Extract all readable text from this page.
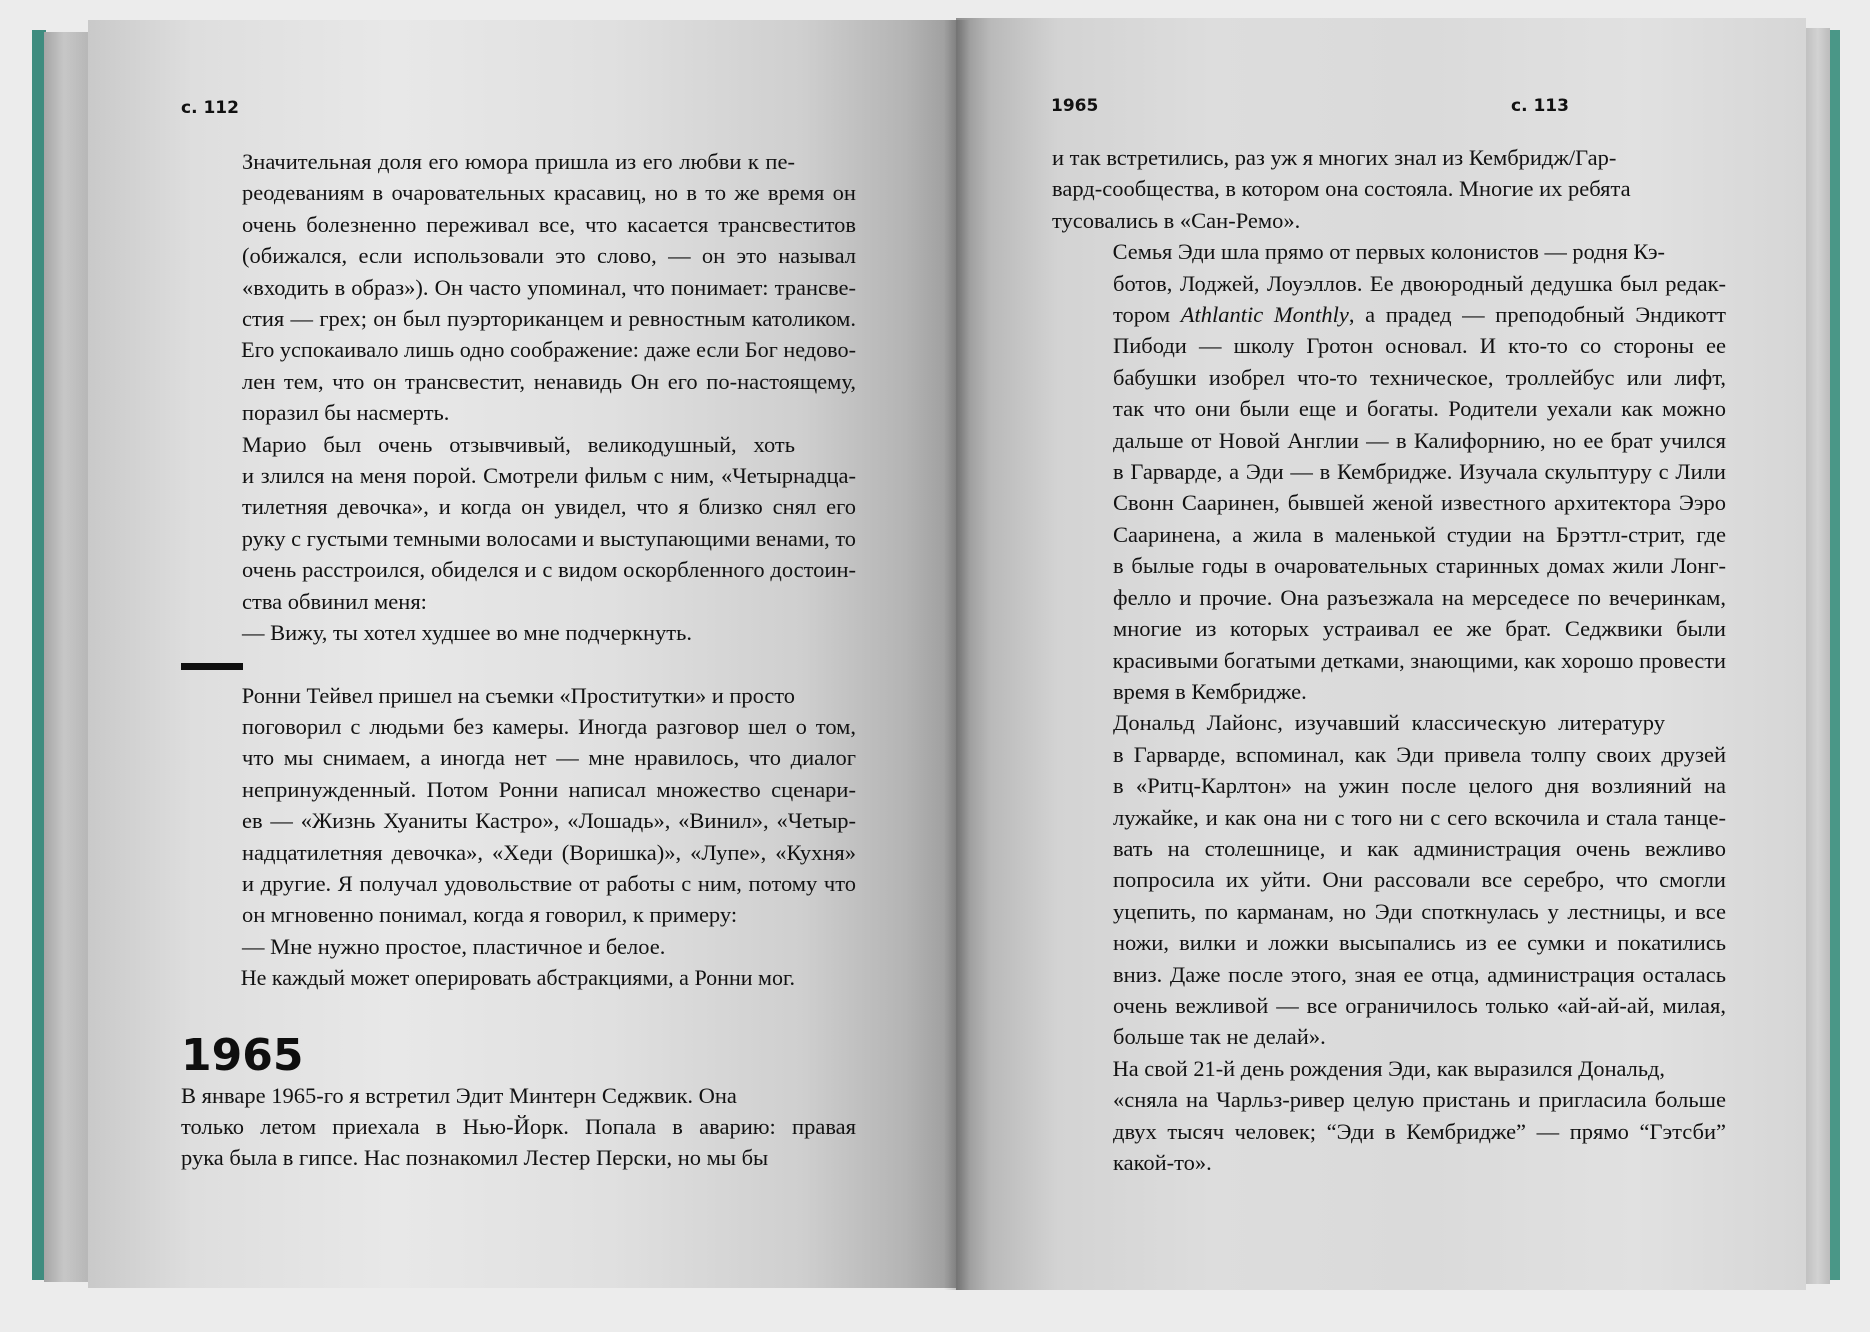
с. 112

Значительная доля его юмора пришла из его любви к пе-
реодеваниям в очаровательных красавиц, но в то же время он
очень болезненно переживал все, что касается трансвеститов
(обижался, если использовали это слово, — он это называл
«входить в образ»). Он часто упоминал, что понимает: трансве-
стия — грех; он был пуэрториканцем и ревностным католиком.
Его успокаивало лишь одно соображение: даже если Бог недово-
лен тем, что он трансвестит, ненавидь Он его по-настоящему,
поразил бы насмерть.

Марио был очень отзывчивый, великодушный, хоть
и злился на меня порой. Смотрели фильм с ним, «Четырнадца-
тилетняя девочка», и когда он увидел, что я близко снял его
руку с густыми темными волосами и выступающими венами, то
очень расстроился, обиделся и с видом оскорбленного достоин-
ства обвинил меня:

— Вижу, ты хотел худшее во мне подчеркнуть.

Ронни Тейвел пришел на съемки «Проститутки» и просто
поговорил с людьми без камеры. Иногда разговор шел о том,
что мы снимаем, а иногда нет — мне нравилось, что диалог
непринужденный. Потом Ронни написал множество сценари-
ев — «Жизнь Хуаниты Кастро», «Лошадь», «Винил», «Четыр-
надцатилетняя девочка», «Хеди (Воришка)», «Лупе», «Кухня»
и другие. Я получал удовольствие от работы с ним, потому что
он мгновенно понимал, когда я говорил, к примеру:

— Мне нужно простое, пластичное и белое.

Не каждый может оперировать абстракциями, а Ронни мог.

1965

В январе 1965-го я встретил Эдит Минтерн Седжвик. Она
только летом приехала в Нью-Йорк. Попала в аварию: правая
рука была в гипсе. Нас познакомил Лестер Перски, но мы бы

1965	с. 113

и так встретились, раз уж я многих знал из Кембридж/Гар-
вард-сообщества, в котором она состояла. Многие их ребята
тусовались в «Сан-Ремо».

Семья Эди шла прямо от первых колонистов — родня Кэ-
ботов, Лоджей, Лоуэллов. Ее двоюродный дедушка был редак-
тором Athlantic Monthly, а прадед — преподобный Эндикотт
Пибоди — школу Гротон основал. И кто-то со стороны ее
бабушки изобрел что-то техническое, троллейбус или лифт,
так что они были еще и богаты. Родители уехали как можно
дальше от Новой Англии — в Калифорнию, но ее брат учился
в Гарварде, а Эди — в Кембридже. Изучала скульптуру с Лили
Свонн Сааринен, бывшей женой известного архитектора Ээро
Сааринена, а жила в маленькой студии на Брэттл-стрит, где
в былые годы в очаровательных старинных домах жили Лонг-
фелло и прочие. Она разъезжала на мерседесе по вечеринкам,
многие из которых устраивал ее же брат. Седжвики были
красивыми богатыми детками, знающими, как хорошо провести
время в Кембридже.

Дональд Лайонс, изучавший классическую литературу
в Гарварде, вспоминал, как Эди привела толпу своих друзей
в «Ритц-Карлтон» на ужин после целого дня возлияний на
лужайке, и как она ни с того ни с сего вскочила и стала танце-
вать на столешнице, и как администрация очень вежливо
попросила их уйти. Они рассовали все серебро, что смогли
уцепить, по карманам, но Эди споткнулась у лестницы, и все
ножи, вилки и ложки высыпались из ее сумки и покатились
вниз. Даже после этого, зная ее отца, администрация осталась
очень вежливой — все ограничилось только «ай-ай-ай, милая,
больше так не делай».

На свой 21-й день рождения Эди, как выразился Дональд,
«сняла на Чарльз-ривер целую пристань и пригласила больше
двух тысяч человек; “Эди в Кембридже” — прямо “Гэтсби”
какой-то».
